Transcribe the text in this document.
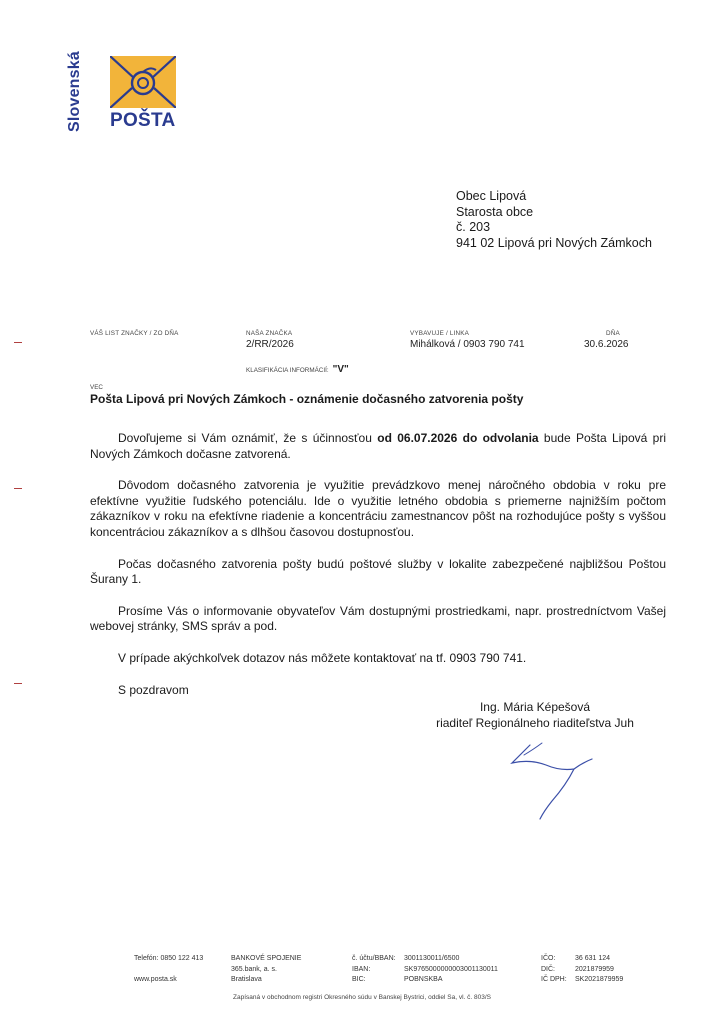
Slovenská POŠTA
Obec Lipová
Starosta obce
č. 203
941 02 Lipová pri Nových Zámkoch
VÁŠ LIST ZNAČKY / ZO DŇA	NAŠA ZNAČKA
2/RR/2026
VYBAVUJE / LINKA
Mihálková / 0903 790 741
DŇA
30.6.2026
KLASIFIKÁCIA INFORMÁCIÍ: "V"
VEC
Pošta Lipová pri Nových Zámkoch - oznámenie dočasného zatvorenia pošty

Dovoľujeme si Vám oznámiť, že s účinnosťou od 06.07.2026 do odvolania bude Pošta Lipová pri Nových Zámkoch dočasne zatvorená.

Dôvodom dočasného zatvorenia je využitie prevádzkovo menej náročného obdobia v roku pre efektívne využitie ľudského potenciálu. Ide o využitie letného obdobia s priemerne najnižším počtom zákazníkov v roku na efektívne riadenie a koncentráciu zamestnancov pôšt na rozhodujúce pošty s vyššou koncentráciou zákazníkov a s dlhšou časovou dostupnosťou.

Počas dočasného zatvorenia pošty budú poštové služby v lokalite zabezpečené najbližšou Poštou Šurany 1.

Prosíme Vás o informovanie obyvateľov Vám dostupnými prostriedkami, napr. prostredníctvom Vašej webovej stránky, SMS správ a pod.

V prípade akýchkoľvek dotazov nás môžete kontaktovať na tf. 0903 790 741.

S pozdravom

Ing. Mária Képešová
riaditeľ Regionálneho riaditeľstva Juh
Telefón: 0850 122 413
www.posta.sk
BANKOVÉ SPOJENIE
365.bank, a. s.
Bratislava
č. účtu/BBAN:
IBAN:
BIC:
3001130011/6500
SK9765000000003001130011
POBNSKBA
IČO:
DIČ:
IČ DPH:
36 631 124
2021879959
SK2021879959
Zapísaná v obchodnom registri Okresného súdu v Banskej Bystrici, oddiel Sa, vl. č. 803/S
